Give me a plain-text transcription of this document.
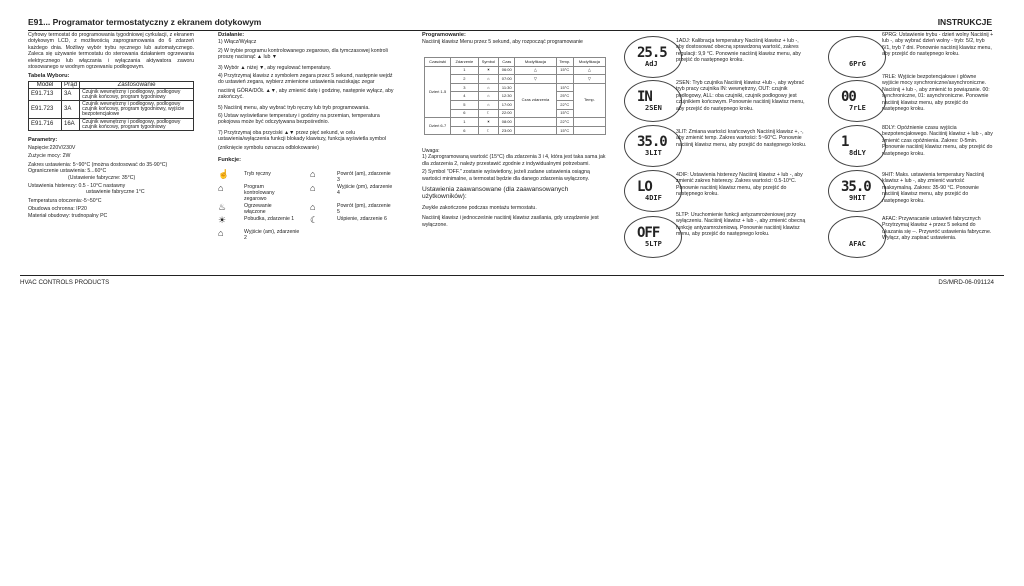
E91... Programator termostatyczny z ekranem dotykowym	INSTRUKCJE
Cyfrowy termostat do programowania tygodniowej cyrkulacji, z ekranem dotykowym LCD, z możliwością zaprogramowania do 6 zdarzeń każdego dnia. Możliwy wybór trybu ręcznego lub automatycznego. Zaleca się używanie termostatu do sterowania działaniem ogrzewania elektrycznego lub włączania i wyłączania aktywatora zaworu stosowanego w wodnym ogrzewaniu podłogowym.
Tabela Wyboru:
Model	Prąd	Zastosowanie
E91.713	3A	Czujnik wewnętrzny i podłogowy, podłogowy czujnik końcowy, program tygodniowy
E91.723	3A	Czujnik wewnętrzny i podłogowy, podłogowy czujnik końcowy, program tygodniowy, wyjście bezpotencjałowe
E91.716	16A	Czujnik wewnętrzny i podłogowy, podłogowy czujnik końcowy, program tygodniowy
Parametry:
Napięcie:220V/230V
Zużycie mocy: 2W
Zakres ustawienia: 5~90°C (można dostosować do 35-90°C)
Ograniczenie ustawienia: 5...60°C
(Ustawienie fabryczne: 35°C)
Ustawienia histerezy: 0.5 - 10°C nastawny
ustawienie fabryczne 1°C
Temperatura otoczenia:-5~50°C
Obudowa ochronna: IP20
Materiał obudowy: trudnopalny PC
Działanie:
1) Włącz/Wyłącz
2) W trybie programu kontrolowanego zegarowo, dla tymczasowej kontroli proszę nacisnąć ▲ lub ▼
3) Wybór ▲ niżej ▼, aby regulować temperaturę.
4) Przytrzymaj klawisz z symbolem zegara przez 5 sekund, następnie wejdź do ustawień zegara, wybierz zmienione ustawienia naciskając zegar
naciśnij GÓRA/DÓŁ ▲▼, aby zmienić datę i godzinę, następnie wyłącz, aby zakończyć.
5) Naciśnij menu, aby wybrać tryb ręczny lub tryb programowania.
6) Ustaw wyświetlane temperatury i godziny na przemian, temperatura pokojowa może być odczytywana bezpośrednio.
7) Przytrzymaj oba przyciski ▲▼ przez pięć sekund, w celu ustawienia/wyłączenia funkcji blokady klawiszy, funkcja wyświetla symbol
(zniknięcie symbolu oznacza odblokowanie)
Funkcje:
☝	Tryb ręczny
⌂	Program kontrolowany zegarowo
♨	Ogrzewanie włączone
☀	Pobudka, zdarzenie 1
⌂	Wyjście (am), zdarzenie 2
⌂	Powrót (am), zdarzenie 3
⌂	Wyjście (pm), zdarzenie 4
⌂	Powrót (pm), zdarzenie 5
☾	Uśpienie, zdarzenie 6
Programowanie:
Naciśnij klawisz Menu przez 5 sekund, aby rozpocząć programowanie
Czasówki	Zdarzenie	Symbol	Czas	Modyfikacja	Temp.	Modyfikacja
Dzień 1-5	1	☀	06:00	△	15°C	△
	2	⌂	07:00	▽		▽
	3	⌂	11:30	Czas zdarzenia	15°C	Temp.
	4	⌂	12:30		25°C	
	5	⌂	17:00		22°C	
	6	☾	22:00		15°C	
Dzień 6-7	1	☀	08:00		22°C	
	6	☾	23:00		15°C	
Uwaga:
1) Zaprogramowaną wartość (15°C) dla zdarzenia 3 i 4, która jest taka sama jak dla zdarzenia 2, należy przestawić zgodnie z indywidualnymi potrzebami.
2) Symbol "OFF." zostanie wyświetlony, jeżeli zadane ustawienia osiągną wartości minimalne, a termostat będzie dla danego zdarzenia wyłączony.
Ustawienia zaawansowane (dla zaawansowanych użytkowników):
Zwykle zakończone podczas montażu termostatu.
Naciśnij klawisz i jednocześnie naciśnij klawisz zasilania, gdy urządzenie jest wyłączone.
25.5
AdJ
1ADJ: Kalibracja temperatury Naciśnij klawisz + lub -, aby dostosować obecną sprawdzoną wartość, zakres regulacji: 9,9 °C. Ponownie naciśnij klawisz menu, aby przejść do następnego kroku.
IN
2SEN
2SEN: Tryb czujnika Naciśnij klawisz +lub -, aby wybrać tryb pracy czujnika IN: wewnętrzny, OUT: czujnik podłogowy, ALL: oba czujniki, czujnik podłogowy jest czujnikiem końcowym. Ponownie naciśnij klawisz menu, aby przejść do następnego kroku.
35.0
3LIT
3LIT: Zmiana wartości krańcowych Naciśnij klawisz +, -, aby zmienić temp. Zakres wartości: 5~60°C. Ponownie naciśnij klawisz menu, aby przejść do następnego kroku.
LO
4DIF
4DIF: Ustawienia histerezy Naciśnij klawisz + lub -, aby zmienić zakres histerezy. Zakres wartości: 0.5-10°C. Ponownie naciśnij klawisz menu, aby przejść do następnego kroku.
OFF
5LTP
5LTP: Uruchomienie funkcji antyzamrożeniowej przy wyłączeniu. Naciśnij klawisz + lub -, aby zmienić obecną funkcję antyzamrożeniową. Ponownie naciśnij klawisz menu, aby przejść do następnego kroku.
6PrG
6PRG: Ustawienie trybu - dzień wolny Naciśnij + lub -, aby wybrać dzień wolny - tryb: 5/2, tryb 6/1, tryb 7 dni. Ponownie naciśnij klawisz menu, aby przejść do następnego kroku.
00
7rLE
7RLE: Wyjście bezpotencjałowe i główne wyjście mocy synchroniczne/asynchroniczne. Naciśnij + lub -, aby zmienić to powiązanie. 00: synchroniczne, 01: asynchroniczne. Ponownie naciśnij klawisz menu, aby przejść do następnego kroku.
1
8dLY
8DLY: Opóźnienie czasu wyjścia bezpotencjałowego. Naciśnij klawisz + lub -, aby zmienić czas opóźnienia. Zakres: 0-5min. Ponownie naciśnij klawisz menu, aby przejść do następnego kroku.
35.0
9HIT
9HIT: Maks. ustawienia temperatury Naciśnij klawisz + lub -, aby zmienić wartość maksymalną. Zakres: 35-90 °C. Ponownie naciśnij klawisz menu, aby przejść do następnego kroku.
AFAC
AFAC: Przywracanie ustawień fabrycznych Przytrzymaj klawisz + przez 5 sekund do ukazania się --. Przywróć ustawienia fabryczne. Wyłącz, aby zapisać ustawienia.
HVAC CONTROLS PRODUCTS	DS/MRD-06-091124
